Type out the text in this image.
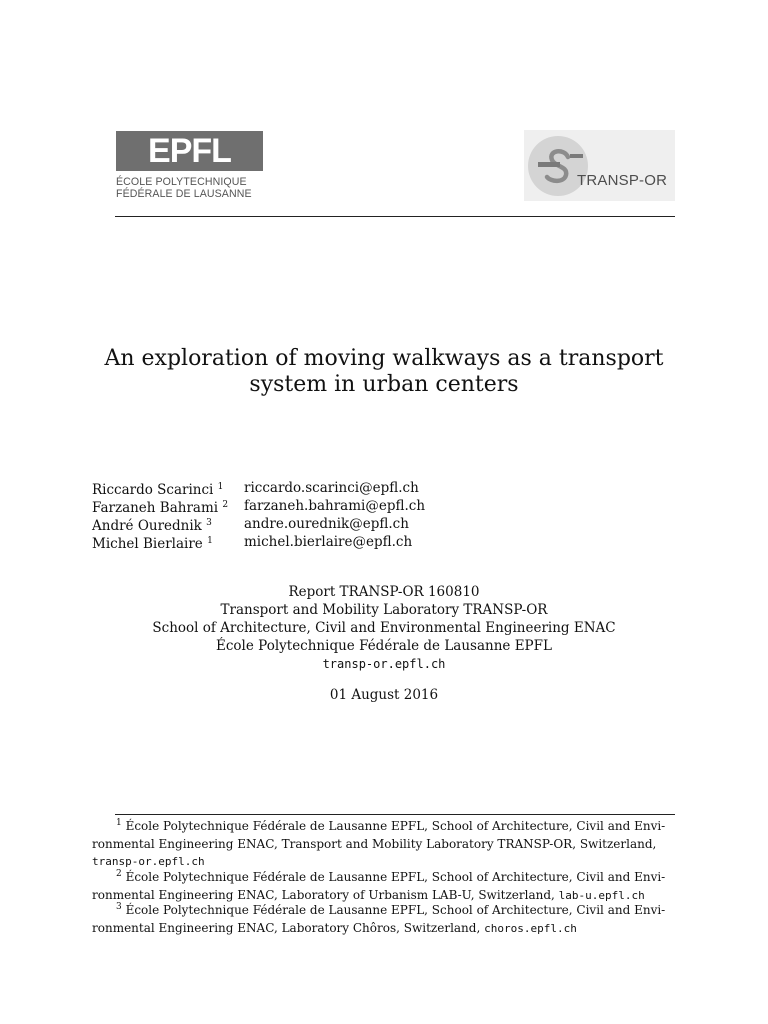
EPFL
ÉCOLE POLYTECHNIQUE
FÉDÉRALE DE LAUSANNE
TRANSP-OR
An exploration of moving walkways as a transport
system in urban centers
Riccardo Scarinci $^1$ riccardo.scarinci@epfl.ch
Farzaneh Bahrami $^2$ farzaneh.bahrami@epfl.ch
André Ourednik $^3$ andre.ourednik@epfl.ch
Michel Bierlaire $^1$ michel.bierlaire@epfl.ch
Report TRANSP-OR 160810
Transport and Mobility Laboratory TRANSP-OR
School of Architecture, Civil and Environmental Engineering ENAC
École Polytechnique Fédérale de Lausanne EPFL
transp-or.epfl.ch
01 August 2016
$^1$ École Polytechnique Fédérale de Lausanne EPFL, School of Architecture, Civil and Envi-
ronmental Engineering ENAC, Transport and Mobility Laboratory TRANSP-OR, Switzerland,
transp-or.epfl.ch
$^2$ École Polytechnique Fédérale de Lausanne EPFL, School of Architecture, Civil and Envi-
ronmental Engineering ENAC, Laboratory of Urbanism LAB-U, Switzerland, lab-u.epfl.ch
$^3$ École Polytechnique Fédérale de Lausanne EPFL, School of Architecture, Civil and Envi-
ronmental Engineering ENAC, Laboratory Chôros, Switzerland, choros.epfl.ch
